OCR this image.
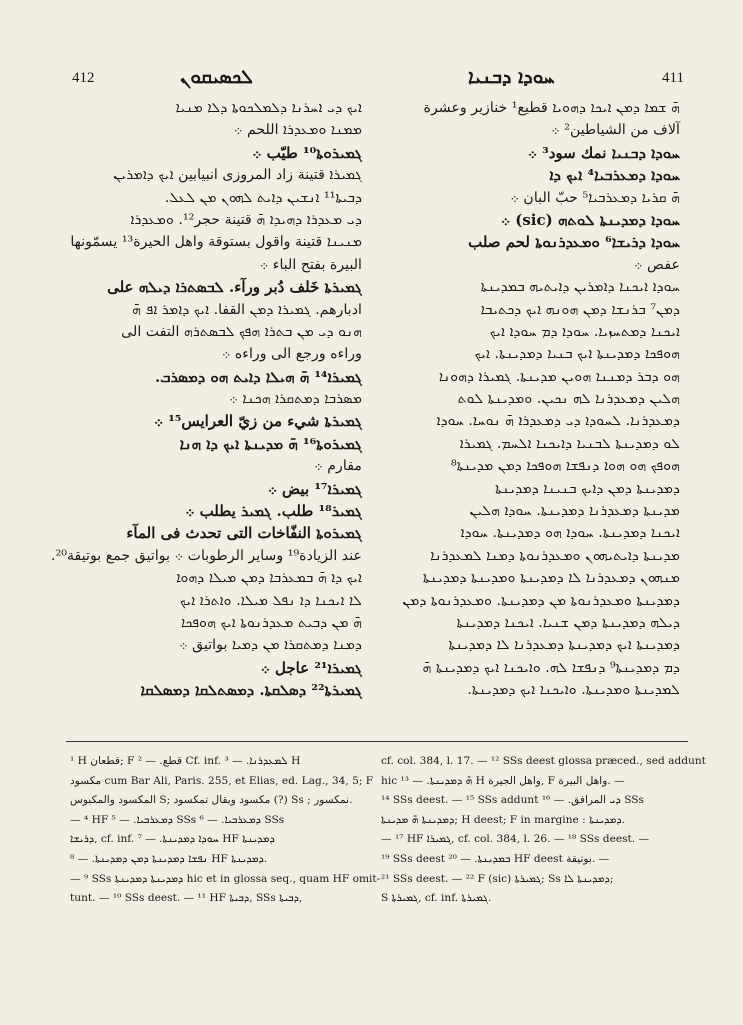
412	ܠܟܣܝܩܘܢ	ܚܘܕܐ ܕܒܢܝܐ	411
ܐܝܟ ܕܝ ܐܚܪܢܐ ܕܠܡܠܟܘܬܐ ܕܠܐ ܡܢܝܐ
ܡܡܢܐ ܘܡܥܕܪܐ اللحم ܀
ܓܡܝܪܘܬܐ¹⁰ طيّب ܀
ܓܡܝܪܐ قتينة زاد المروزی انبيابين ܐܝܟ ܕܐܡܪܝܢ
ܕܒܝܬܐ¹¹ ܐܢܫܝܢ ܕܐܝܬ ܠܗܘܢ ܡܢ ܠܥܠ.
ܕܝ ܡܥܕܪܐ ܕܗܝܕܐ ܗ̄ قتينة حجر¹². ܘܡܥܕܪܐ
ܡܢܝܢܐ قتينة واقول بستوقة واهل الحيرة¹³ يسمّونها
البيرة بفتح الباء ܀
ܓܡܝܪܬܐ خَلف دُبر ورآء. ܠܒܣܬܪܐ ܕܝܠܗ على
ادبارهم. ܓܡܝܪܐ ܕܡܢ القفا. ܐܝܟ ܕܐܡܪ ܐܦ ܗ̄
ܗܢܘ ܕܝ ܡܢ ܒܬܪܐ ܗܦܟ ܠܒܣܬܪܗ التفت الى
وراءه ورجع الى وراءه ܀
ܓܡܝܪܐ¹⁴ ܗ̄ ܗܝܠܐ ܕܐܝܬ ܗܘ ܕܡܣܪܒ.
ܡܣܪܒܐ ܕܡܬܩܪܐ ܗܟܢܐ ܀
ܓܡܝܪܬܐ شيء من زيّ العرايس¹⁵ ܀
ܓܡܝܪܘܬܐ¹⁶ ܗ̄ ܡܕܝܢܬܐ ܐܝܟ ܕܐ ܗܢܐ
مقارم ܀
ܓܡܝܪܐ¹⁷ بيض ܀
ܓܡܝܪ¹⁸ طلب. ܓܡܝܪ يطلب ܀
ܓܡܝܪܘܬܐ النفّاخات التى تحدث فى المآء
عند الزيادة¹⁹ وساير الرطوبات ܀ بواتيق جمع بوتيقة²⁰.
ܐܝܟ ܕܐ ܗ̄ ܒܡܥܪܒܐ ܕܡܢ ܡܝܠܐ ܕܗܘܐ
ܠܐ ܐܝܟܢܐ ܕܐ ܢܦܠ ܡܝܠܐ. ܘܐܬܪܐ ܐܝܟ
ܗ̄ ܡܢ ܕܒܝܬ ܡܥܕܪܢܘܬܐ ܐܝܟ ܗܘܦܟܐ
ܕܡܢܐ ܕܡܬܩܪܐ ܡܢ ܕܡܝܐ بواتيق ܀
ܓܡܝܪܐ²¹ عاجل ܀
ܓܡܝܪܬܐ²² ܕܣܠܩܬܐ. ܕܡܣܬܠܩܐ ܕܡܣܠܩܐ
ܗ̄ ܫܡܐ ܕܡܢ ܐܝܟܐ ܕܗܘܝܐ قطيع¹ خنازير وعشرة
آلاف من الشياطين² ܀
ܚܘܕܐ ܕܒܢܝܐ نمك سود³ ܀
ܚܘܕܐ ܕܡܥܪܒܝܐ⁴ ܐܝܟ ܕܐ
ܗ̄ ܩܪܝܐ ܕܡܥܪܒܝܐ⁵ حبّ البان ܀
ܚܘܕܐ ܕܡܕܝܢܬܐ ܠܘܬܗ (sic) ܀
ܚܘܕܐ ܕܪܝܫܐ⁶ ܘܡܥܕܪܢܘܬܐ لحم صلب
عفص ܀
ܚܘܕܐ ܐܝܟܢܐ ܕܐܡܪܝܢ ܕܐܝܬܝܗ ܒܡܕܝܢܬܐ
ܕܡܢ⁷ ܒܪܢܫܐ ܕܡܢ ܗܘܢܗ ܐܝܟ ܕܟܬܝܒܐ
ܐܝܟܢܐ ܕܡܬܚܙܝܐ. ܚܘܕܐ ܕܡ ܚܘܕܐ ܐܝܟ
ܗܘܦܟܐ ܕܡܕܝܢܬܐ ܐܝܟ ܒܢܝܐ ܕܡܕܝܢܬܐ. ܐܝܟ
ܗܘ ܕܒܪ ܕܡܢܢܐ ܗܘܝܢ ܡܕܝܢܬܐ. ܓܡܝܪܐ ܕܗܘܢܐ
ܗܠܝܢ ܕܡܥܕܪܢܐ ܠܗ ܢܟܝܢ. ܘܡܕܝܢܬܐ ܠܘܬ
ܕܡܥܕܪܢܐ. ܠܚܘܕܐ ܕܝ ܕܡܥܕܪܐ ܗ̄ ܢܘܚܐ. ܚܘܕܐ
ܠܘ ܕܡܕܝܢܬܐ ܠܒܢܝܐ ܕܐܝܟܢܐ ܐܠܚܡ. ܓܡܝܪܐ
ܗܘܦܟ ܗܘ ܗܘܐ ܕܢܦܫܐ ܗܘܦܟܐ ܕܡܢ ܡܕܝܢܬܐ⁸
ܕܡܕܝܢܬܐ ܕܡܢ ܕܐܝܟ ܒܢܝܢܐ ܕܡܕܝܢܬܐ
ܡܕܝܢܬܐ ܕܡܥܕܪܢܐ ܕܡܕܝܢܬܐ. ܚܘܕܐ ܗܠܝܢ
ܐܝܟܢܐ ܕܡܕܝܢܬܐ. ܚܘܕܐ ܗܘ ܕܡܕܝܢܬܐ. ܚܘܕܐ
ܡܕܝܢܬܐ ܕܐܝܬܝܗܘܢ ܘܡܥܕܪܢܘܬܐ ܕܡܢܐ ܠܡܥܕܪܢܐ
ܡܢܗܘܢ ܕܡܥܕܪܢܐ ܠܐ ܕܡܕܝܢܬܐ ܘܡܕܝܢܬܐ ܕܡܕܝܢܬܐ
ܕܡܕܝܢܬܐ ܘܡܥܕܪܢܘܬܐ ܡܢ ܕܡܕܝܢܬܐ. ܘܡܥܕܪܢܘܬܐ ܕܡܢ
ܕܝܠܗ ܕܡܕܝܢܬܐ ܕܡܢ ܫܢܝܐ. ܐܝܟܢܐ ܕܡܕܝܢܬܐ
ܕܡܕܝܢܬܐ ܐܝܟ ܕܡܕܝܢܬܐ ܕܡܥܕܪܢܐ ܠܐ ܕܡܕܝܢܬܐ
ܕܡ ܕܡܕܝܢܬܐ⁹ ܕܢܦܫܐ ܠܗ. ܘܐܝܟܢܐ ܐܝܟ ܕܡܕܝܢܬܐ ܗ̄
ܠܡܕܝܢܬܐ ܘܡܕܝܢܬܐ. ܘܐܝܟܢܐ ܐܝܟ ܕܡܕܝܢܬܐ.
¹ H قطعان; F قطع. — ² Cf. inf. ܠܡܥܕܪܢܐ. — ³ H
مكسود cum Bar Ali, Paris. 255, et Elias, ed. Lag., 34, 5; F
المكسود والمكبوس S; مكسود ويقال تمكسود (?) Ss ; نمكسور.
— ⁴ HF ܕܡܥܪܒܝܐ. — ⁵ SSs ܕܡܥܪܒܝܐ. — ⁶ SSs
ܕܪܝܫܐ, cf. inf. ܚܘܕܐ ܕܡܕܝܢܬܐ. — ⁷ HF ܕܡܕܝܢܬܐ
ܢܦܫܐ ܕܡܕܝܢܬܐ ܕܡܢ ܕܡܕܝܢܬܐ. — ⁸ HF ܕܡܕܝܢܬܐ.
— ⁹ SSs ܕܡܕܝܢܬܐ ܕܡܕܝܢܬܐ hic et in glossa seq., quam HF omit-
tunt. — ¹⁰ SSs deest. — ¹¹ HF ܕܒܝܬܐ, SSs ܕܒܝܬܐ,
cf. col. 384, l. 17. — ¹² SSs deest glossa præced., sed addunt
hic ܗ̄ ܕܡܕܝܢܬܐ. — ¹³ H واهل الجيرة, F واهل البيرة. —
¹⁴ SSs deest. — ¹⁵ SSs addunt ܕܝ المرافق. — ¹⁶ SSs
ܕܡܕܝܢܬܐ ܗ̄ ܡܕܝܢܬܐ; H deest; F in margine : ܕܡܕܝܢܬܐ.
— ¹⁷ HF ܓܡܝܪܐ, cf. col. 384, l. 26. — ¹⁸ SSs deest. —
¹⁹ SSs deest ܒܡܕܝܢܬܐ. — ²⁰ HF deest بوتيقة. —
²¹ SSs deest. — ²² F (sic) ܓܡܝܪܬܐ; Ss ܕܡܕܝܢܬܐ ܠܐ;
S ܓܡܝܪܬܐ, cf. inf. ܓܡܝܪܬܐ.
